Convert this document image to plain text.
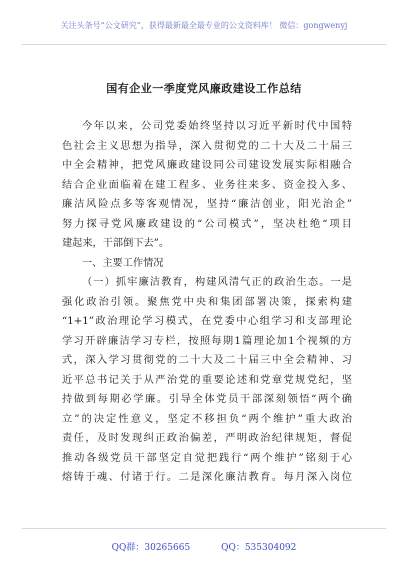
关注头条号“公文研究”，获得最新最全最专业的公文资料库！ 微信：gongwenyj
国有企业一季度党风廉政建设工作总结
今年以来，公司党委始终坚持以习近平新时代中国特
色社会主义思想为指导，深入贯彻党的二十大及二十届三
中全会精神，把党风廉政建设同公司建设发展实际相融合
结合企业面临着在建工程多、业务往来多、资金投入多、
廉洁风险点多等客观情况，坚持“廉洁创业，阳光治企”
努力探寻党风廉政建设的“公司模式”，坚决杜绝“项目
建起来，干部倒下去”。
一、主要工作情况
（一）抓牢廉洁教育，构建风清气正的政治生态。一是
强化政治引领。聚焦党中央和集团部署决策，探索构建
“1+1”政治理论学习模式，在党委中心组学习和支部理论
学习开辟廉洁学习专栏，按照每期1篇理论加1个视频的方
式，深入学习贯彻党的二十大及二十届三中全会精神、习
近平总书记关于从严治党的重要论述和党章党规党纪，坚
持做到每期必学廉。引导全体党员干部深刻领悟“两个确
立”的决定性意义，坚定不移担负“两个维护”重大政治
责任，及时发现纠正政治偏差，严明政治纪律规矩，督促
推动各级党员干部坚定自觉把践行“两个维护”铭刻于心
熔铸于魂、付诸于行。二是深化廉洁教育。每月深入岗位
QQ群：30265665	QQ：535304092
